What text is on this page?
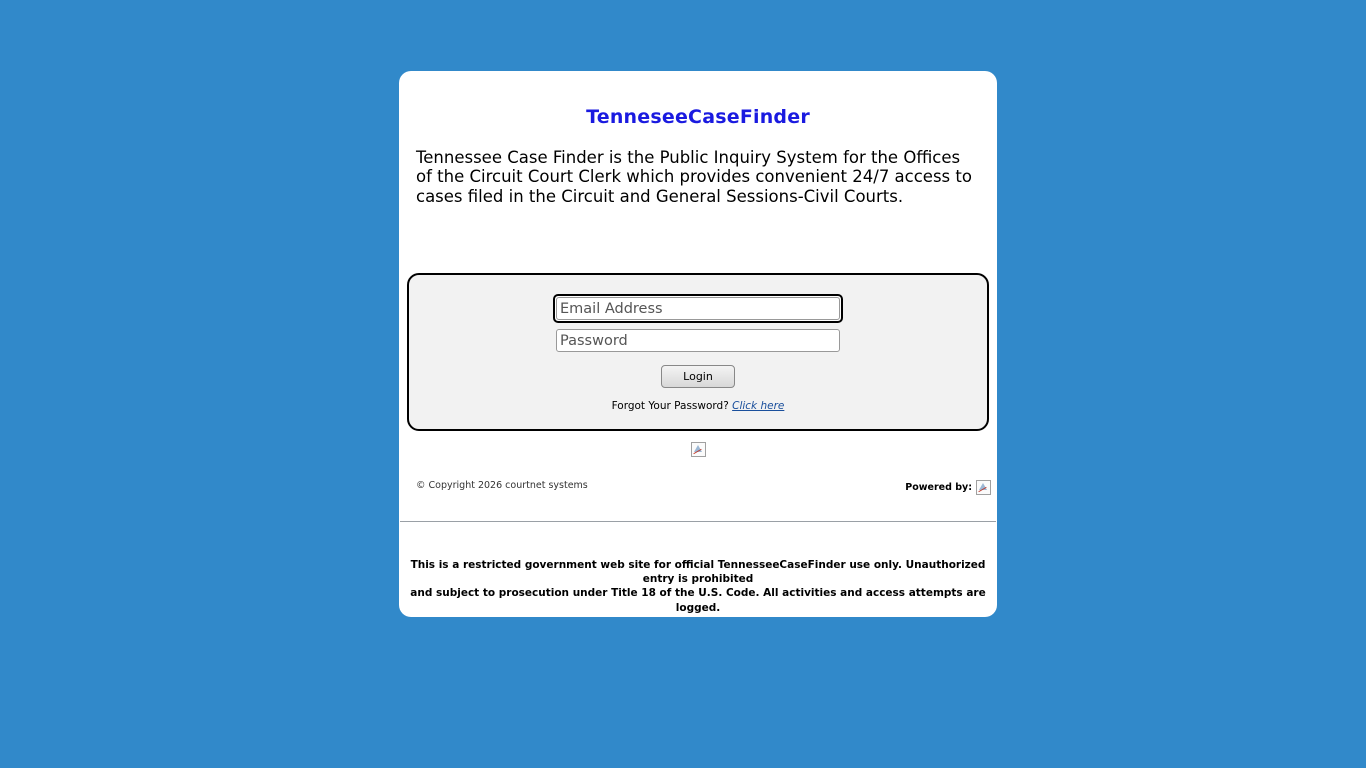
TenneseeCaseFinder
Tennessee Case Finder is the Public Inquiry System for the Offices of the Circuit Court Clerk which provides convenient 24/7 access to cases filed in the Circuit and General Sessions-Civil Courts.
Email Address
Login
Forgot Your Password? Click here
© Copyright 2026 courtnet systems	Powered by:
This is a restricted government web site for official TennesseeCaseFinder use only. Unauthorized entry is prohibited
and subject to prosecution under Title 18 of the U.S. Code. All activities and access attempts are logged.
